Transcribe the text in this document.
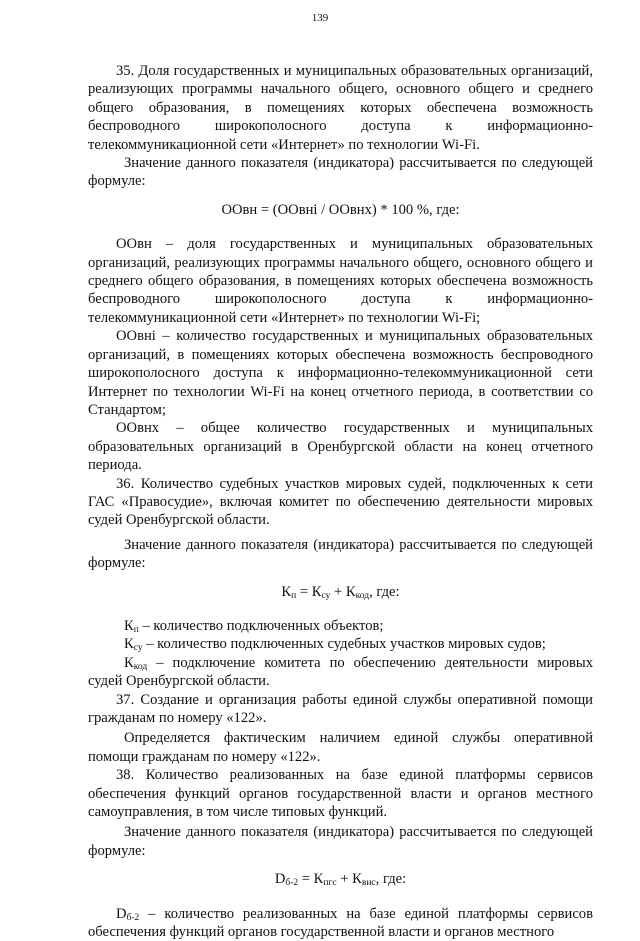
139

35. Доля государственных и муниципальных образовательных организаций, реализующих программы начального общего, основного общего и среднего общего образования, в помещениях которых обеспечена возможность беспроводного широкополосного доступа к информационно-телекоммуникационной сети «Интернет» по технологии Wi-Fi.

Значение данного показателя (индикатора) рассчитывается по следующей формуле:

ООвн = (ООвнi / ООвнх) * 100 %, где:

ООвн – доля государственных и муниципальных образовательных организаций, реализующих программы начального общего, основного общего и среднего общего образования, в помещениях которых обеспечена возможность беспроводного широкополосного доступа к информационно-телекоммуникационной сети «Интернет» по технологии Wi-Fi;

ООвнi – количество государственных и муниципальных образовательных организаций, в помещениях которых обеспечена возможность беспроводного широкополосного доступа к информационно-телекоммуникационной сети Интернет по технологии Wi-Fi на конец отчетного периода, в соответствии со Стандартом;

ООвнх – общее количество государственных и муниципальных образовательных организаций в Оренбургской области на конец отчетного периода.

36. Количество судебных участков мировых судей, подключенных к сети ГАС «Правосудие», включая комитет по обеспечению деятельности мировых судей Оренбургской области.

Значение данного показателя (индикатора) рассчитывается по следующей формуле:

$К_п = К_{су} + К_{код}$, где:

$К_п$ – количество подключенных объектов;

$К_{су}$ – количество подключенных судебных участков мировых судов;

$К_{код}$ – подключение комитета по обеспечению деятельности мировых судей Оренбургской области.

37. Создание и организация работы единой службы оперативной помощи гражданам по номеру «122».

Определяется фактическим наличием единой службы оперативной помощи гражданам по номеру «122».

38. Количество реализованных на базе единой платформы сервисов обеспечения функций органов государственной власти и органов местного самоуправления, в том числе типовых функций.

Значение данного показателя (индикатора) рассчитывается по следующей формуле:

$D_{б-2} = К_{пгс} + К_{вис}$, где:

$D_{б-2}$ – количество реализованных на базе единой платформы сервисов обеспечения функций органов государственной власти и органов местного
